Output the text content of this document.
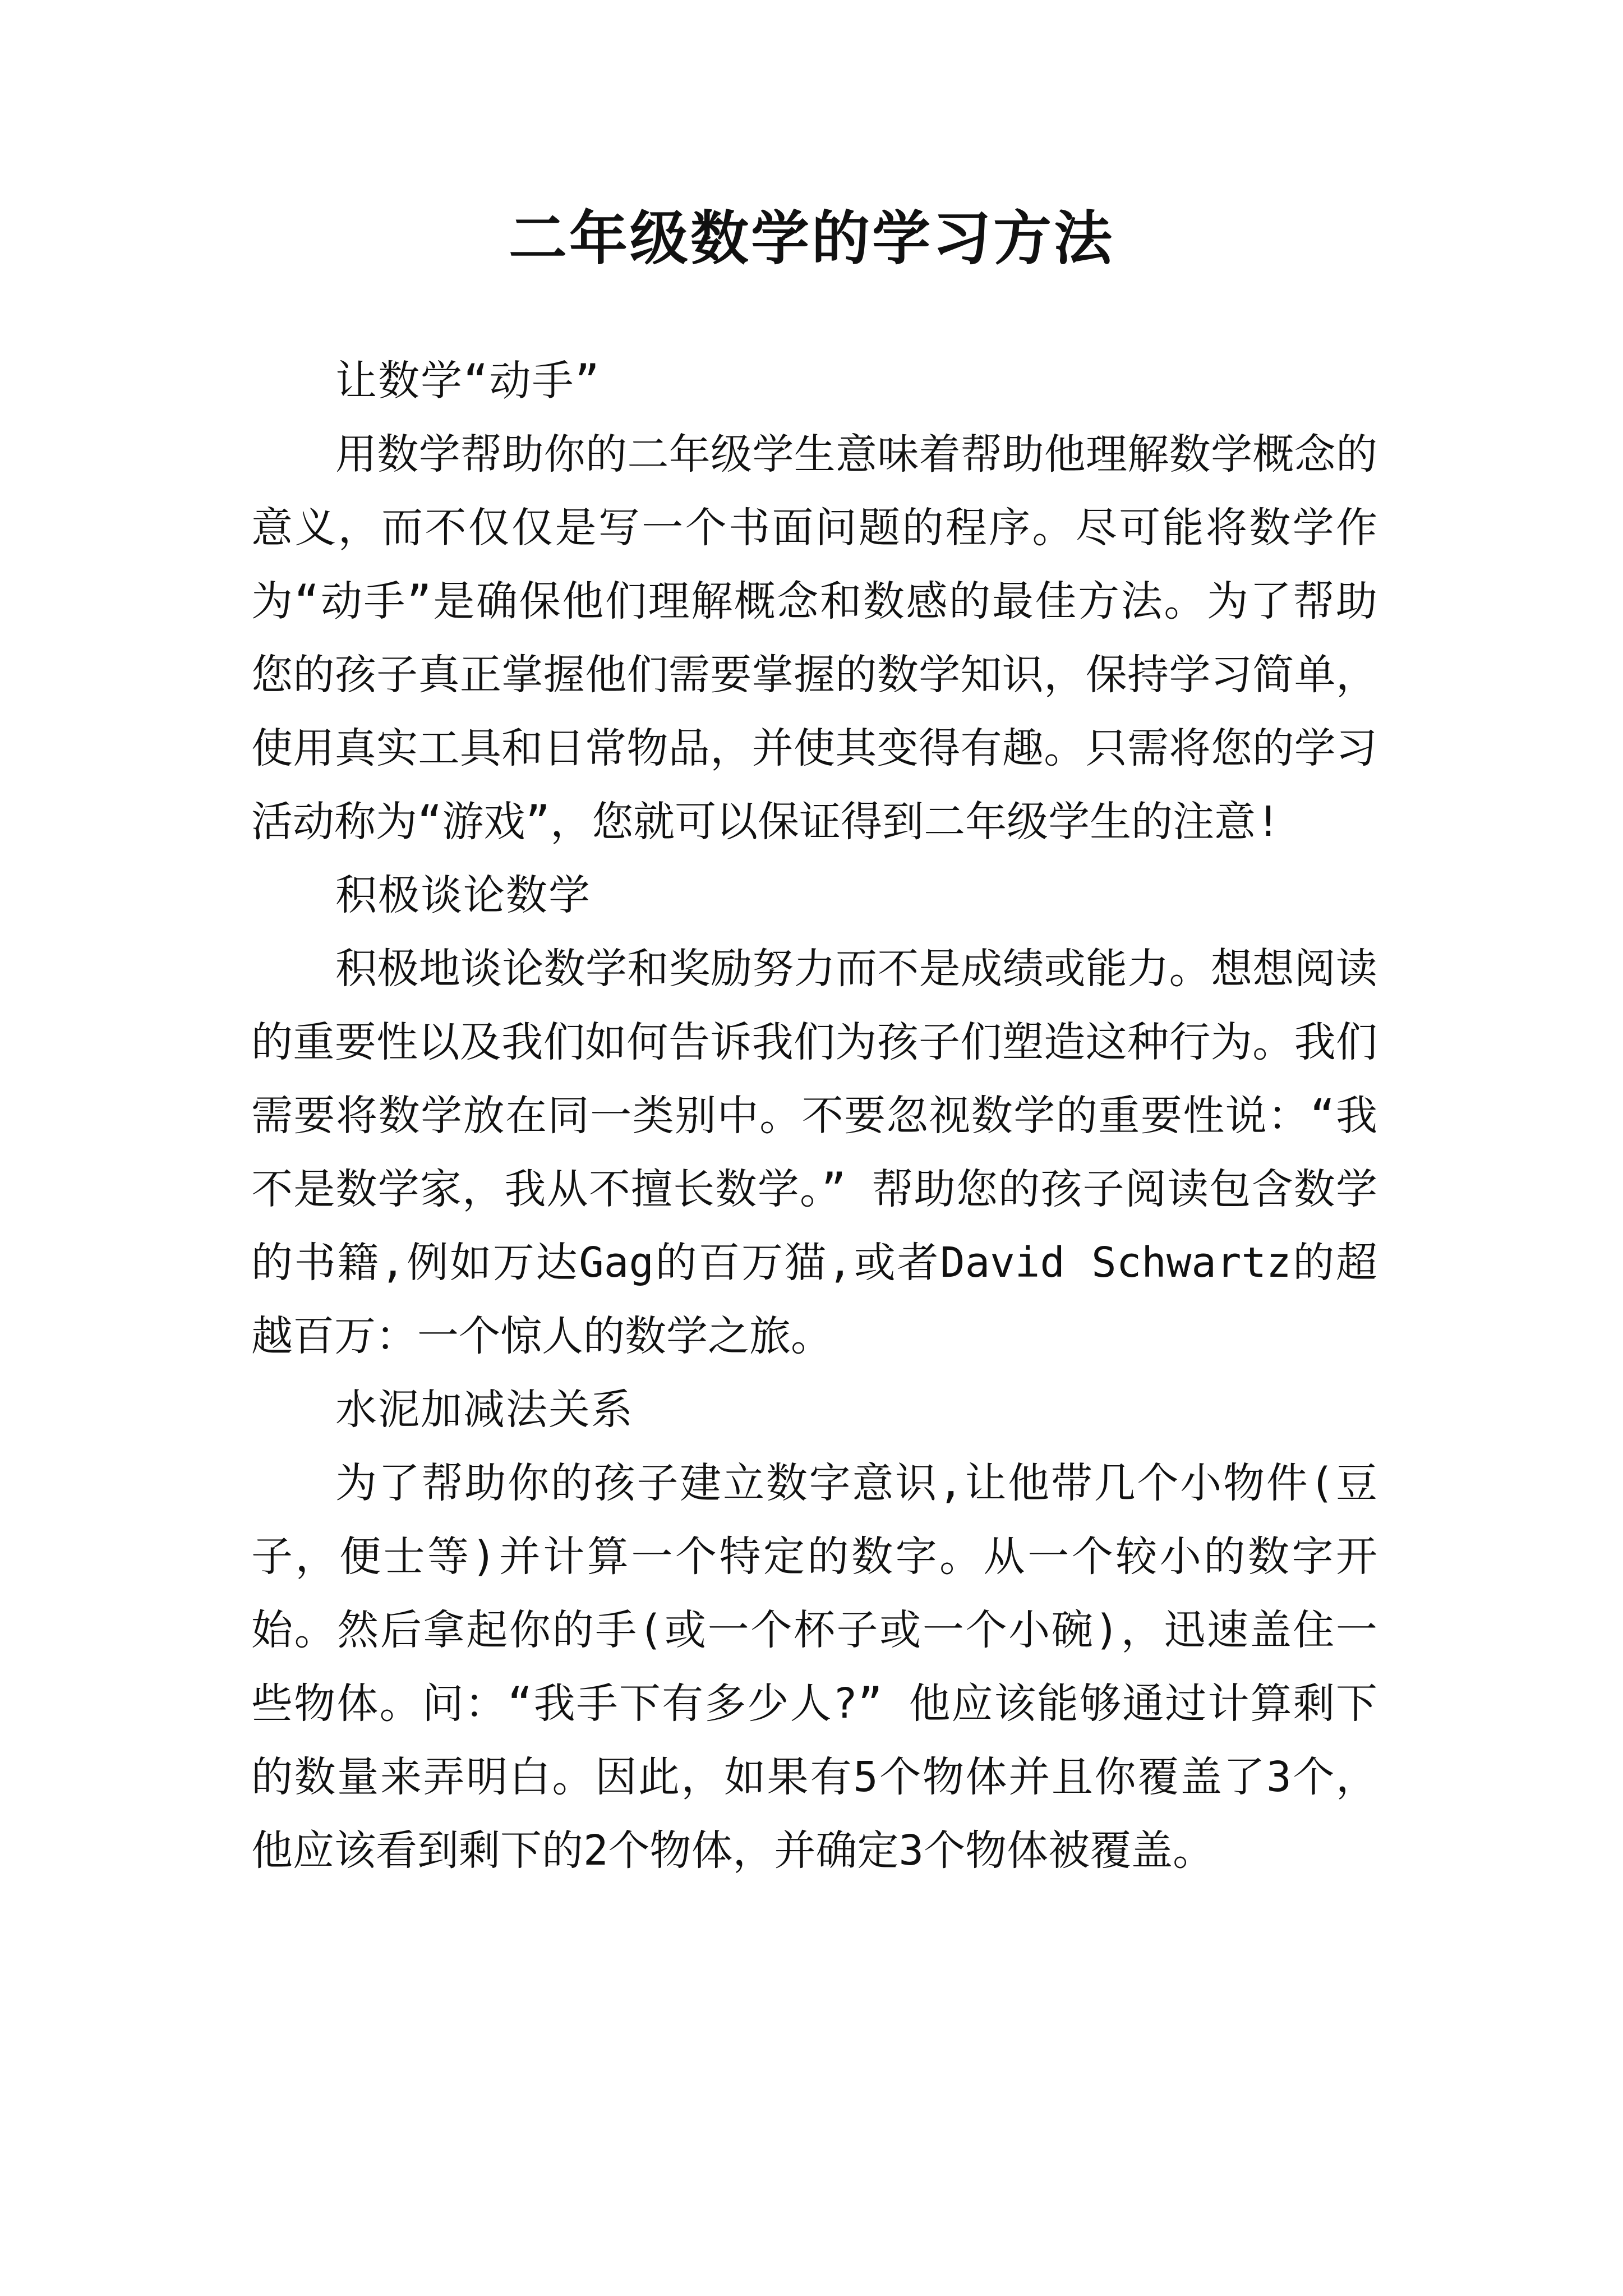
二年级数学的学习方法

让数学“动手”

用数学帮助你的二年级学生意味着帮助他理解数学概念的意义，而不仅仅是写一个书面问题的程序。尽可能将数学作为“动手”是确保他们理解概念和数感的最佳方法。为了帮助您的孩子真正掌握他们需要掌握的数学知识，保持学习简单，使用真实工具和日常物品，并使其变得有趣。只需将您的学习活动称为“游戏”，您就可以保证得到二年级学生的注意!

积极谈论数学

积极地谈论数学和奖励努力而不是成绩或能力。想想阅读的重要性以及我们如何告诉我们为孩子们塑造这种行为。我们需要将数学放在同一类别中。不要忽视数学的重要性说：“我不是数学家，我从不擅长数学。” 帮助您的孩子阅读包含数学的书籍,例如万达Gag的百万猫,或者David Schwartz的超越百万：一个惊人的数学之旅。

水泥加减法关系

为了帮助你的孩子建立数字意识,让他带几个小物件(豆子，便士等)并计算一个特定的数字。从一个较小的数字开始。然后拿起你的手(或一个杯子或一个小碗)，迅速盖住一些物体。问：“我手下有多少人?” 他应该能够通过计算剩下的数量来弄明白。因此，如果有5个物体并且你覆盖了3个，他应该看到剩下的2个物体，并确定3个物体被覆盖。
